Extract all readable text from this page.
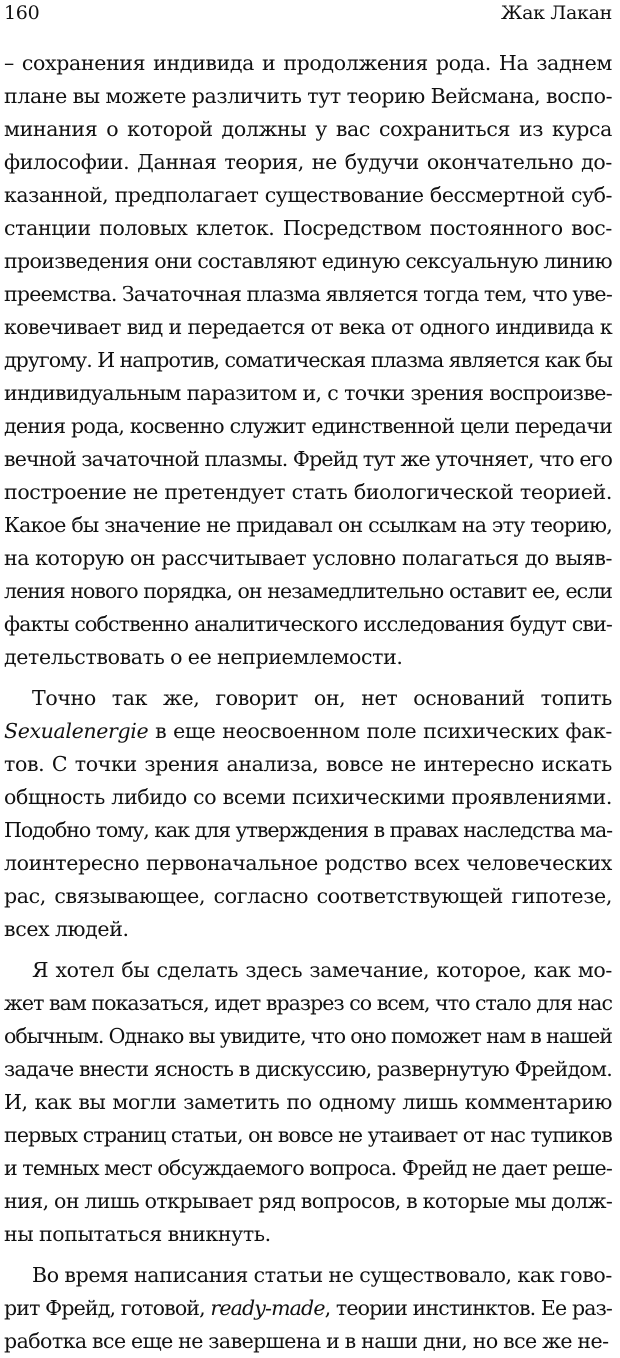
160	Жак Лакан
– сохранения индивида и продолжения рода. На заднем
плане вы можете различить тут теорию Вейсмана, воспо-
минания о которой должны у вас сохраниться из курса
философии. Данная теория, не будучи окончательно до-
казанной, предполагает существование бессмертной суб-
станции половых клеток. Посредством постоянного вос-
произведения они составляют единую сексуальную линию
преемства. Зачаточная плазма является тогда тем, что уве-
ковечивает вид и передается от века от одного индивида к
другому. И напротив, соматическая плазма является как бы
индивидуальным паразитом и, с точки зрения воспроизве-
дения рода, косвенно служит единственной цели передачи
вечной зачаточной плазмы. Фрейд тут же уточняет, что его
построение не претендует стать биологической теорией.
Какое бы значение не придавал он ссылкам на эту теорию,
на которую он рассчитывает условно полагаться до выяв-
ления нового порядка, он незамедлительно оставит ее, если
факты собственно аналитического исследования будут сви-
детельствовать о ее неприемлемости.
Точно так же, говорит он, нет оснований топить
Sexualenergie в еще неосвоенном поле психических фак-
тов. С точки зрения анализа, вовсе не интересно искать
общность либидо со всеми психическими проявлениями.
Подобно тому, как для утверждения в правах наследства ма-
лоинтересно первоначальное родство всех человеческих
рас, связывающее, согласно соответствующей гипотезе,
всех людей.
Я хотел бы сделать здесь замечание, которое, как мо-
жет вам показаться, идет вразрез со всем, что стало для нас
обычным. Однако вы увидите, что оно поможет нам в нашей
задаче внести ясность в дискуссию, развернутую Фрейдом.
И, как вы могли заметить по одному лишь комментарию
первых страниц статьи, он вовсе не утаивает от нас тупиков
и темных мест обсуждаемого вопроса. Фрейд не дает реше-
ния, он лишь открывает ряд вопросов, в которые мы долж-
ны попытаться вникнуть.
Во время написания статьи не существовало, как гово-
рит Фрейд, готовой, ready-made, теории инстинктов. Ее раз-
работка все еще не завершена и в наши дни, но все же не-
